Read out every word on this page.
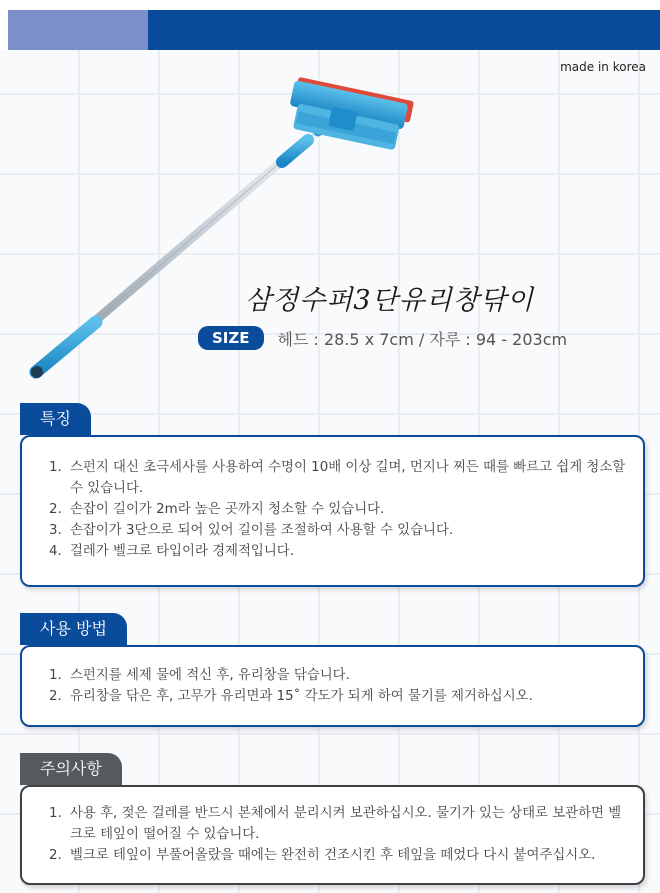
made in korea
삼정수퍼3단유리창닦이
SIZE	헤드 : 28.5 x 7cm / 자루 : 94 - 203cm
1. 스펀지 대신 초극세사를 사용하여 수명이 10배 이상 길며, 먼지나 찌든 때를 빠르고 쉽게 청소할 수 있습니다.
2. 손잡이 길이가 2m라 높은 곳까지 청소할 수 있습니다.
3. 손잡이가 3단으로 되어 있어 길이를 조절하여 사용할 수 있습니다.
4. 걸레가 벨크로 타입이라 경제적입니다.
특징
1. 스펀지를 세제 물에 적신 후, 유리창을 닦습니다.
2. 유리창을 닦은 후, 고무가 유리면과 15˚ 각도가 되게 하여 물기를 제거하십시오.
사용 방법
1. 사용 후, 젖은 걸레를 반드시 본체에서 분리시켜 보관하십시오. 물기가 있는 상태로 보관하면 벨크로 테잎이 떨어질 수 있습니다.
2. 벨크로 테잎이 부풀어올랐을 때에는 완전히 건조시킨 후 테잎을 떼었다 다시 붙여주십시오.
주의사항
